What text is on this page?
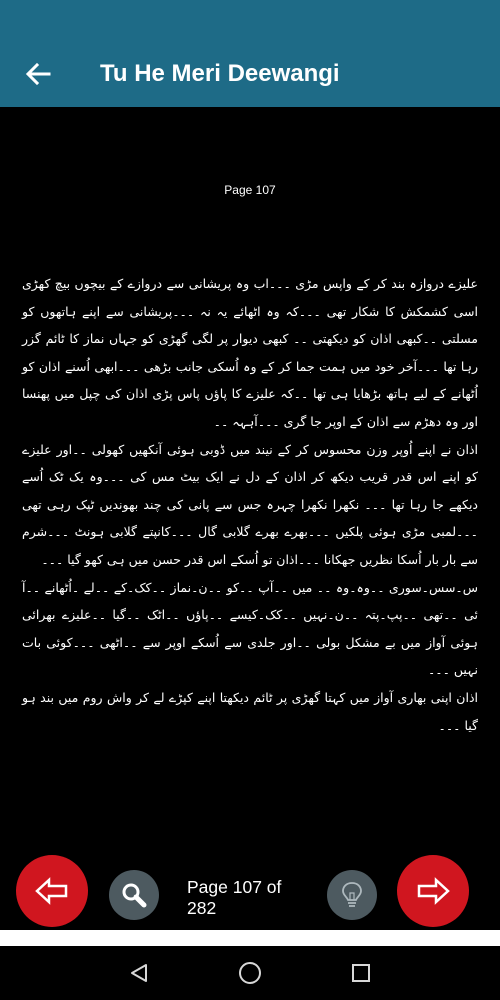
Tu He Meri Deewangi
Page 107

علیزے دروازہ بند کر کے واپس مڑی ۔۔۔اب وہ پریشانی سے دروازے کے بیچوں بیچ کھڑی اسی کشمکش کا شکار تھی ۔۔۔کہ وہ اٹھائے یہ نہ ۔۔۔پریشانی سے اپنے ہاتھوں کو مسلتی ۔۔کبھی اذان کو دیکھتی ۔۔ کبھی دیوار پر لگی گھڑی کو جہاں نماز کا ٹائم گزر رہا تھا ۔۔۔آخر خود میں ہمت جما کر کے وہ اُسکی جانب بڑھی ۔۔۔ابھی اُسنے اذان کو اُٹھانے کے لیے ہاتھ بڑھایا ہی تھا ۔۔کہ علیزے کا پاؤں پاس پڑی اذان کی چپل میں پھنسا اور وہ دھڑم سے اذان کے اوپر جا گری ۔۔۔آہہہ ۔۔

اذان نے اپنے اُوپر وزن محسوس کر کے نیند میں ڈوبی ہوئی آنکھیں کھولی ۔۔اور علیزے کو اپنے اس قدر قریب دیکھ کر اذان کے دل نے ایک بیٹ مس کی ۔۔۔وہ یک ٹک اُسے دیکھے جا رہا تھا ۔۔۔ نکھرا نکھرا چہرہ جس سے پانی کی چند بھوندیں ٹپک رہی تھی ۔۔۔لمبی مڑی ہوئی پلکیں ۔۔۔بھرے بھرے گلابی گال ۔۔۔کانپتے گلابی ہونٹ ۔۔۔شرم سے بار بار اُسکا نظریں جھکانا ۔۔۔اذان تو اُسکے اس قدر حسن میں ہی کھو گیا ۔۔۔

س۔سس۔سوری ۔۔وہ۔وہ ۔۔ میں ۔۔آپ ۔۔کو ۔۔ن۔نماز ۔۔کک۔کے ۔۔لے ۔اُٹھانے ۔۔آ ئی ۔۔تھی ۔۔پپ۔پتہ ۔۔ن۔نہیں ۔۔کک۔کیسے ۔۔پاؤں ۔۔اٹک ۔۔گیا ۔۔علیزے بھرائی ہوئی آواز میں بے مشکل بولی ۔۔اور جلدی سے اُسکے اوپر سے ۔۔اٹھی ۔۔۔کوئی بات نہیں ۔۔۔

اذان اپنی بھاری آواز میں کہتا گھڑی پر ٹائم دیکھتا اپنے کپڑے لے کر واش روم میں بند ہو گیا ۔۔۔

Page 107 of 282
